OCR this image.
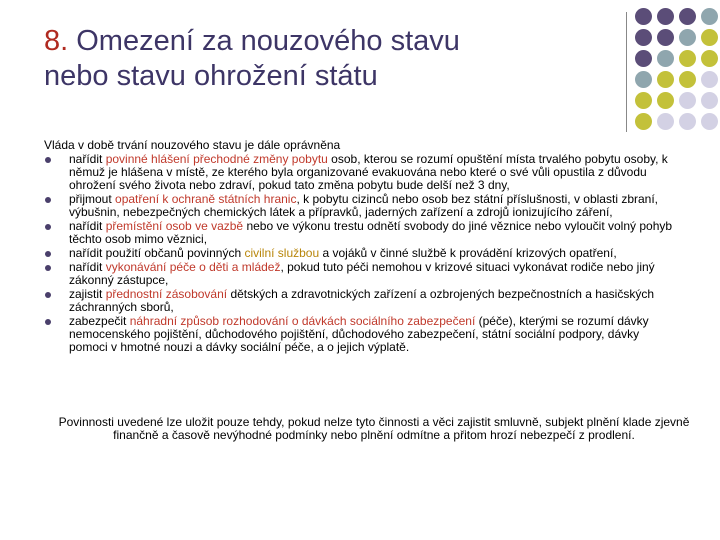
8. Omezení za nouzového stavu
nebo stavu ohrožení státu
Vláda v době trvání nouzového stavu je dále oprávněna
nařídit povinné hlášení přechodné změny pobytu osob, kterou se rozumí opuštění místa trvalého pobytu osoby, k němuž je hlášena v místě, ze kterého byla organizované evakuována nebo které o své vůli opustila z důvodu ohrožení svého života nebo zdraví, pokud tato změna pobytu bude delší než 3 dny,
přijmout opatření k ochraně státních hranic, k pobytu cizinců nebo osob bez státní příslušnosti, v oblasti zbraní, výbušnin, nebezpečných chemických látek a přípravků, jaderných zařízení a zdrojů ionizujícího záření,
nařídit přemístění osob ve vazbě nebo ve výkonu trestu odnětí svobody do jiné věznice nebo vyloučit volný pohyb těchto osob mimo věznici,
nařídit použití občanů povinných civilní službou a vojáků v činné službě k provádění krizových opatření,
nařídit vykonávání péče o děti a mládež, pokud tuto péči nemohou v krizové situaci vykonávat rodiče nebo jiný zákonný zástupce,
zajistit přednostní zásobování dětských a zdravotnických zařízení a ozbrojených bezpečnostních a hasičských záchranných sborů,
zabezpečit náhradní způsob rozhodování o dávkách sociálního zabezpečení (péče), kterými se rozumí dávky nemocenského pojištění, důchodového pojištění, důchodového zabezpečení, státní sociální podpory, dávky pomoci v hmotné nouzi a dávky sociální péče, a o jejich výplatě.
Povinnosti uvedené lze uložit pouze tehdy, pokud nelze tyto činnosti a věci zajistit smluvně, subjekt plnění klade zjevně finančně a časově nevýhodné podmínky nebo plnění odmítne a přitom hrozí nebezpečí z prodlení.
